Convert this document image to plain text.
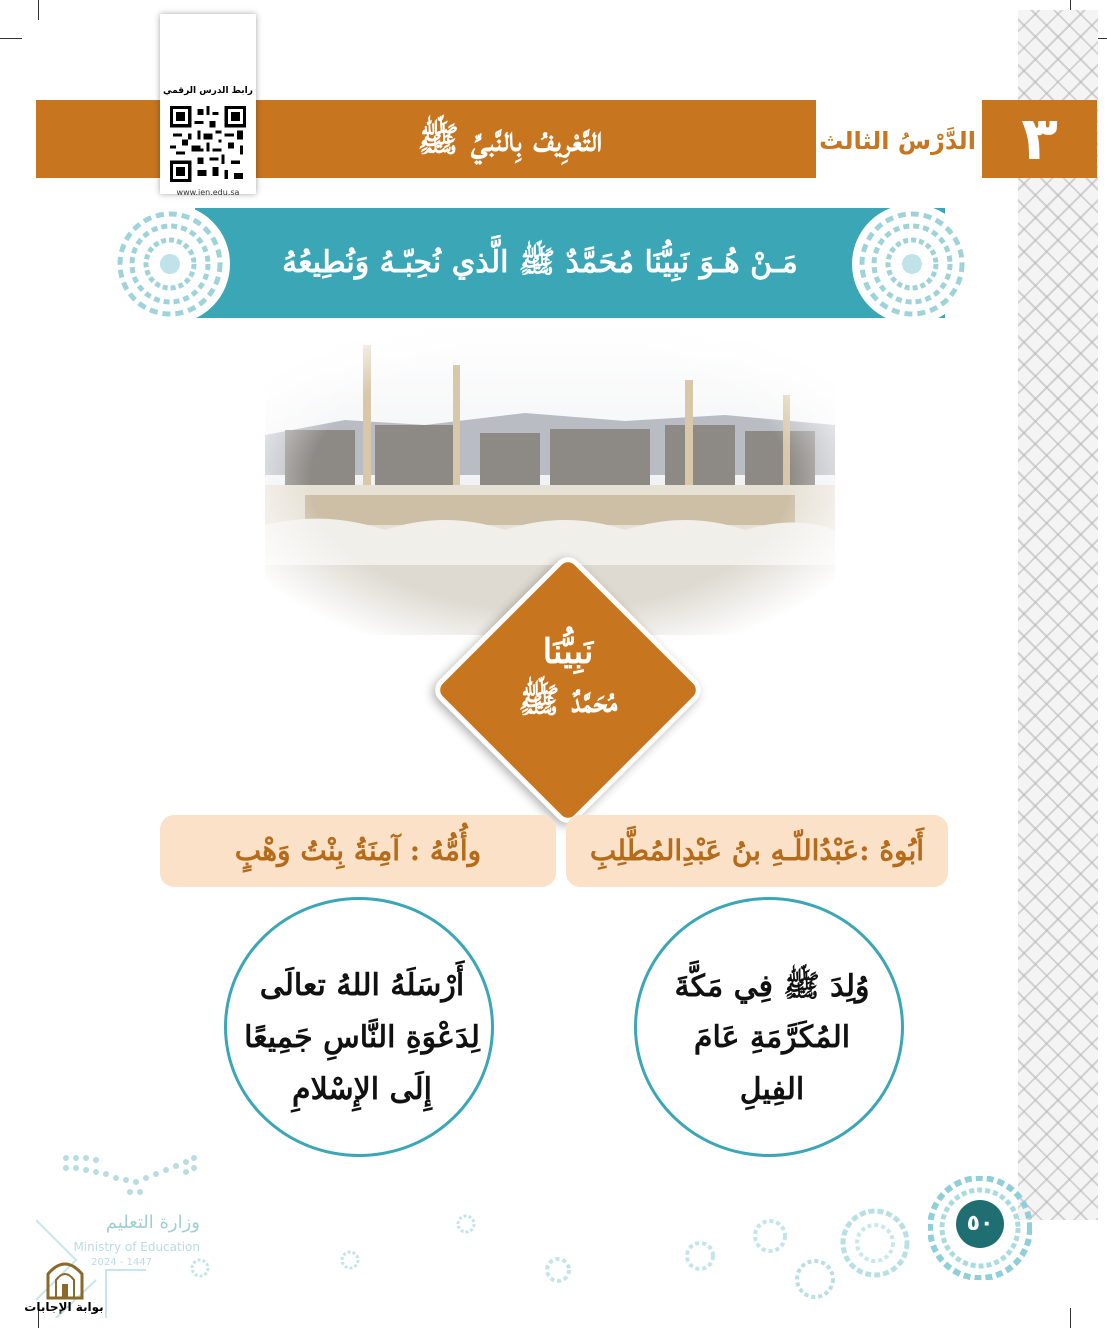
التَّعْرِيفُ بِالنَّبيِّ ﷺ	الدَّرْسُ الثالث ٣
رابط الدرس الرقمي
www.ien.edu.sa
مَـنْ هُـوَ نَبِيُّنَا مُحَمَّدٌ ﷺ الَّذي نُحِبّـهُ وَنُطِيعُهُ
نَبِيُّنَا
مُحَمَّدٌ ﷺ
أَبُوهُ :عَبْدُاللّـهِ بنُ عَبْدِالمُطَّلِبِ
وأُمُّهُ : آمِنَةُ بِنْتُ وَهْبٍ
وُلِدَ ﷺ فِي مَكَّةَ
المُكَرَّمَةِ عَامَ
الفِيلِ
أَرْسَلَهُ اللهُ تعالَى
لِدَعْوَةِ النَّاسِ جَمِيعًا
إِلَى الإِسْلامِ
٥٠
وزارة التعليم
Ministry of Education
2024 - 1447
بوابة الإجابات
